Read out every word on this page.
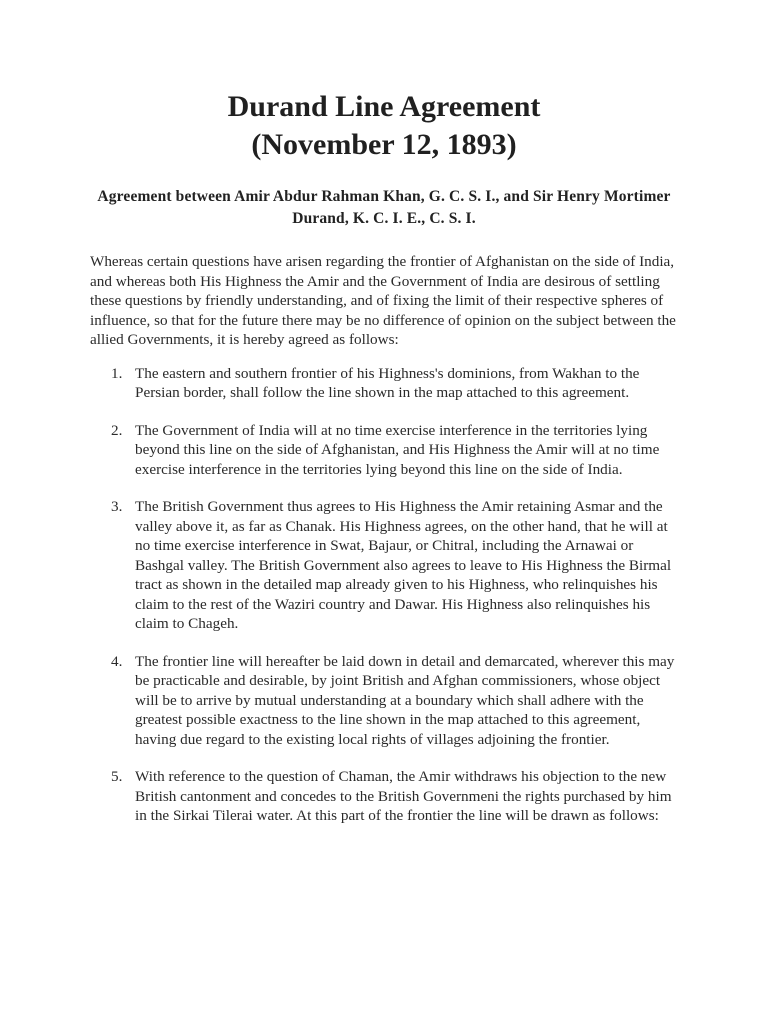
Durand Line Agreement
(November 12, 1893)

Agreement between Amir Abdur Rahman Khan, G. C. S. I., and Sir Henry Mortimer Durand, K. C. I. E., C. S. I.

Whereas certain questions have arisen regarding the frontier of Afghanistan on the side of India, and whereas both His Highness the Amir and the Government of India are desirous of settling these questions by friendly understanding, and of fixing the limit of their respective spheres of influence, so that for the future there may be no difference of opinion on the subject between the allied Governments, it is hereby agreed as follows:

1. The eastern and southern frontier of his Highness's dominions, from Wakhan to the Persian border, shall follow the line shown in the map attached to this agreement.
2. The Government of India will at no time exercise interference in the territories lying beyond this line on the side of Afghanistan, and His Highness the Amir will at no time exercise interference in the territories lying beyond this line on the side of India.
3. The British Government thus agrees to His Highness the Amir retaining Asmar and the valley above it, as far as Chanak. His Highness agrees, on the other hand, that he will at no time exercise interference in Swat, Bajaur, or Chitral, including the Arnawai or Bashgal valley. The British Government also agrees to leave to His Highness the Birmal tract as shown in the detailed map already given to his Highness, who relinquishes his claim to the rest of the Waziri country and Dawar. His Highness also relinquishes his claim to Chageh.
4. The frontier line will hereafter be laid down in detail and demarcated, wherever this may be practicable and desirable, by joint British and Afghan commissioners, whose object will be to arrive by mutual understanding at a boundary which shall adhere with the greatest possible exactness to the line shown in the map attached to this agreement, having due regard to the existing local rights of villages adjoining the frontier.
5. With reference to the question of Chaman, the Amir withdraws his objection to the new British cantonment and concedes to the British Governmeni the rights purchased by him in the Sirkai Tilerai water. At this part of the frontier the line will be drawn as follows:
